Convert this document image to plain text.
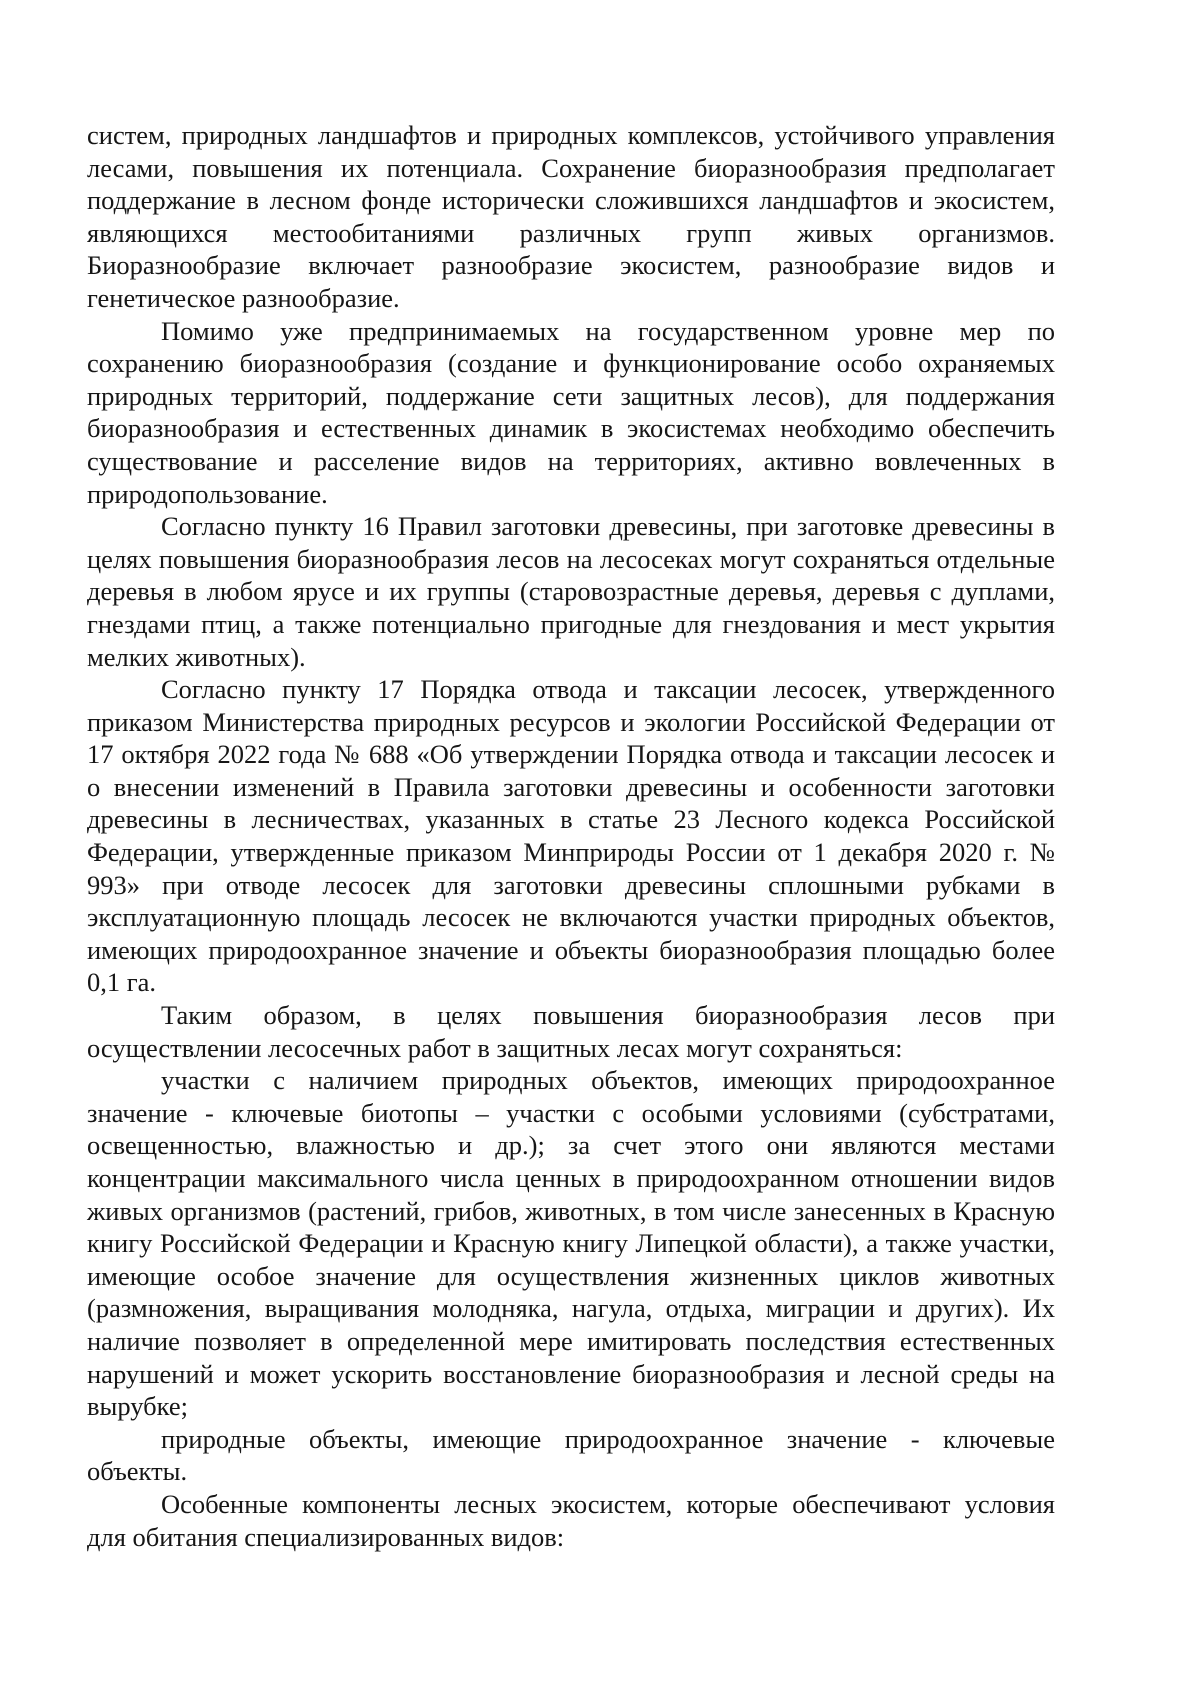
систем, природных ландшафтов и природных комплексов, устойчивого управления лесами, повышения их потенциала. Сохранение биоразнообразия предполагает поддержание в лесном фонде исторически сложившихся ландшафтов и экосистем, являющихся местообитаниями различных групп живых организмов. Биоразнообразие включает разнообразие экосистем, разнообразие видов и генетическое разнообразие.

Помимо уже предпринимаемых на государственном уровне мер по сохранению биоразнообразия (создание и функционирование особо охраняемых природных территорий, поддержание сети защитных лесов), для поддержания биоразнообразия и естественных динамик в экосистемах необходимо обеспечить существование и расселение видов на территориях, активно вовлеченных в природопользование.

Согласно пункту 16 Правил заготовки древесины, при заготовке древесины в целях повышения биоразнообразия лесов на лесосеках могут сохраняться отдельные деревья в любом ярусе и их группы (старовозрастные деревья, деревья с дуплами, гнездами птиц, а также потенциально пригодные для гнездования и мест укрытия мелких животных).

Согласно пункту 17 Порядка отвода и таксации лесосек, утвержденного приказом Министерства природных ресурсов и экологии Российской Федерации от 17 октября 2022 года № 688 «Об утверждении Порядка отвода и таксации лесосек и о внесении изменений в Правила заготовки древесины и особенности заготовки древесины в лесничествах, указанных в статье 23 Лесного кодекса Российской Федерации, утвержденные приказом Минприроды России от 1 декабря 2020 г. № 993» при отводе лесосек для заготовки древесины сплошными рубками в эксплуатационную площадь лесосек не включаются участки природных объектов, имеющих природоохранное значение и объекты биоразнообразия площадью более 0,1 га.

Таким образом, в целях повышения биоразнообразия лесов при осуществлении лесосечных работ в защитных лесах могут сохраняться:

участки с наличием природных объектов, имеющих природоохранное значение - ключевые биотопы – участки с особыми условиями (субстратами, освещенностью, влажностью и др.); за счет этого они являются местами концентрации максимального числа ценных в природоохранном отношении видов живых организмов (растений, грибов, животных, в том числе занесенных в Красную книгу Российской Федерации и Красную книгу Липецкой области), а также участки, имеющие особое значение для осуществления жизненных циклов животных (размножения, выращивания молодняка, нагула, отдыха, миграции и других). Их наличие позволяет в определенной мере имитировать последствия естественных нарушений и может ускорить восстановление биоразнообразия и лесной среды на вырубке;

природные объекты, имеющие природоохранное значение - ключевые объекты.

Особенные компоненты лесных экосистем, которые обеспечивают условия для обитания специализированных видов:
